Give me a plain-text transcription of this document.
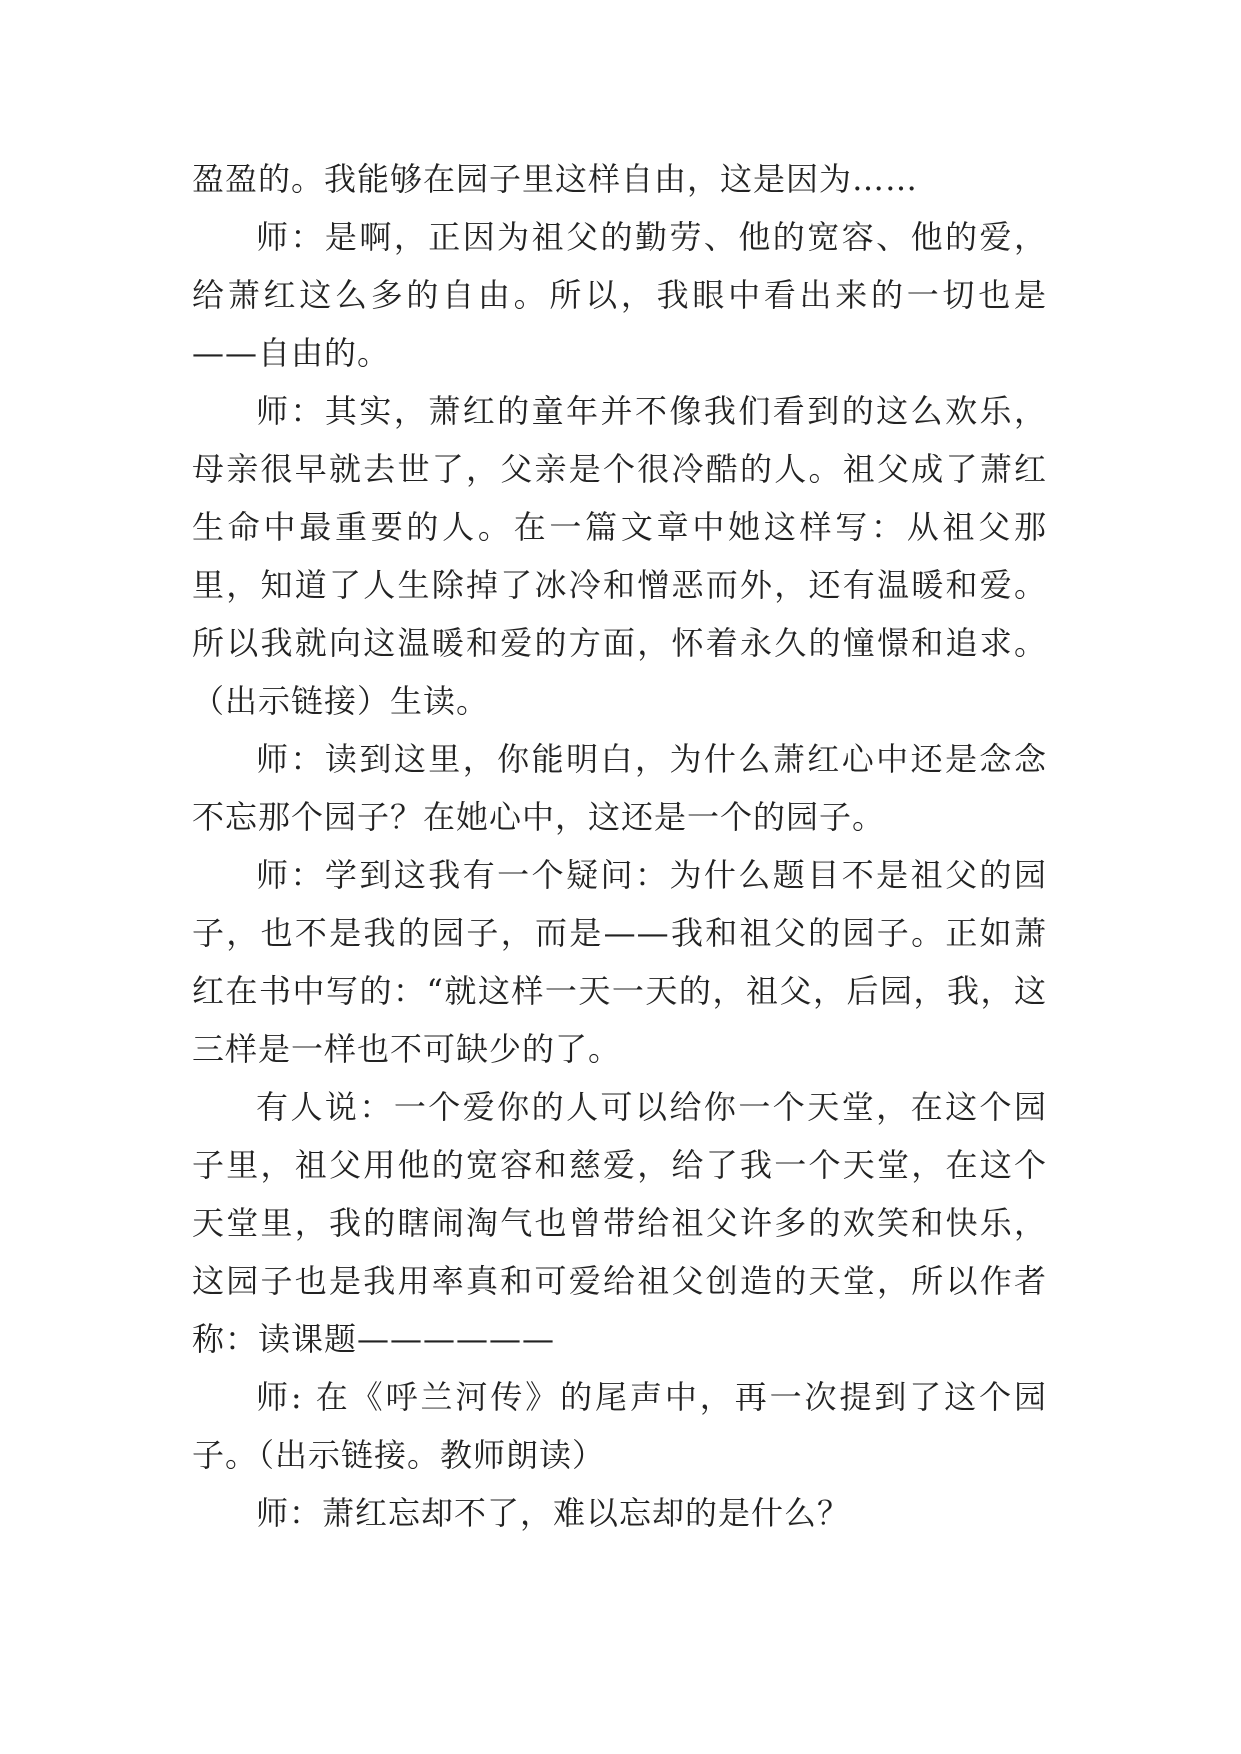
盈盈的。我能够在园子里这样自由，这是因为……

师：是啊，正因为祖父的勤劳、他的宽容、他的爱，给萧红这么多的自由。所以，我眼中看出来的一切也是——自由的。

师：其实，萧红的童年并不像我们看到的这么欢乐，母亲很早就去世了，父亲是个很冷酷的人。祖父成了萧红生命中最重要的人。在一篇文章中她这样写：从祖父那里，知道了人生除掉了冰冷和憎恶而外，还有温暖和爱。所以我就向这温暖和爱的方面，怀着永久的憧憬和追求。（出示链接）生读。

师：读到这里，你能明白，为什么萧红心中还是念念不忘那个园子？在她心中，这还是一个的园子。

师：学到这我有一个疑问：为什么题目不是祖父的园子，也不是我的园子，而是——我和祖父的园子。正如萧红在书中写的：“就这样一天一天的，祖父，后园，我，这三样是一样也不可缺少的了。

有人说：一个爱你的人可以给你一个天堂，在这个园子里，祖父用他的宽容和慈爱，给了我一个天堂，在这个天堂里，我的瞎闹淘气也曾带给祖父许多的欢笑和快乐，这园子也是我用率真和可爱给祖父创造的天堂，所以作者称：读课题——————

师: 在《呼兰河传》的尾声中，再一次提到了这个园子。（出示链接。教师朗读）

师：萧红忘却不了，难以忘却的是什么？
